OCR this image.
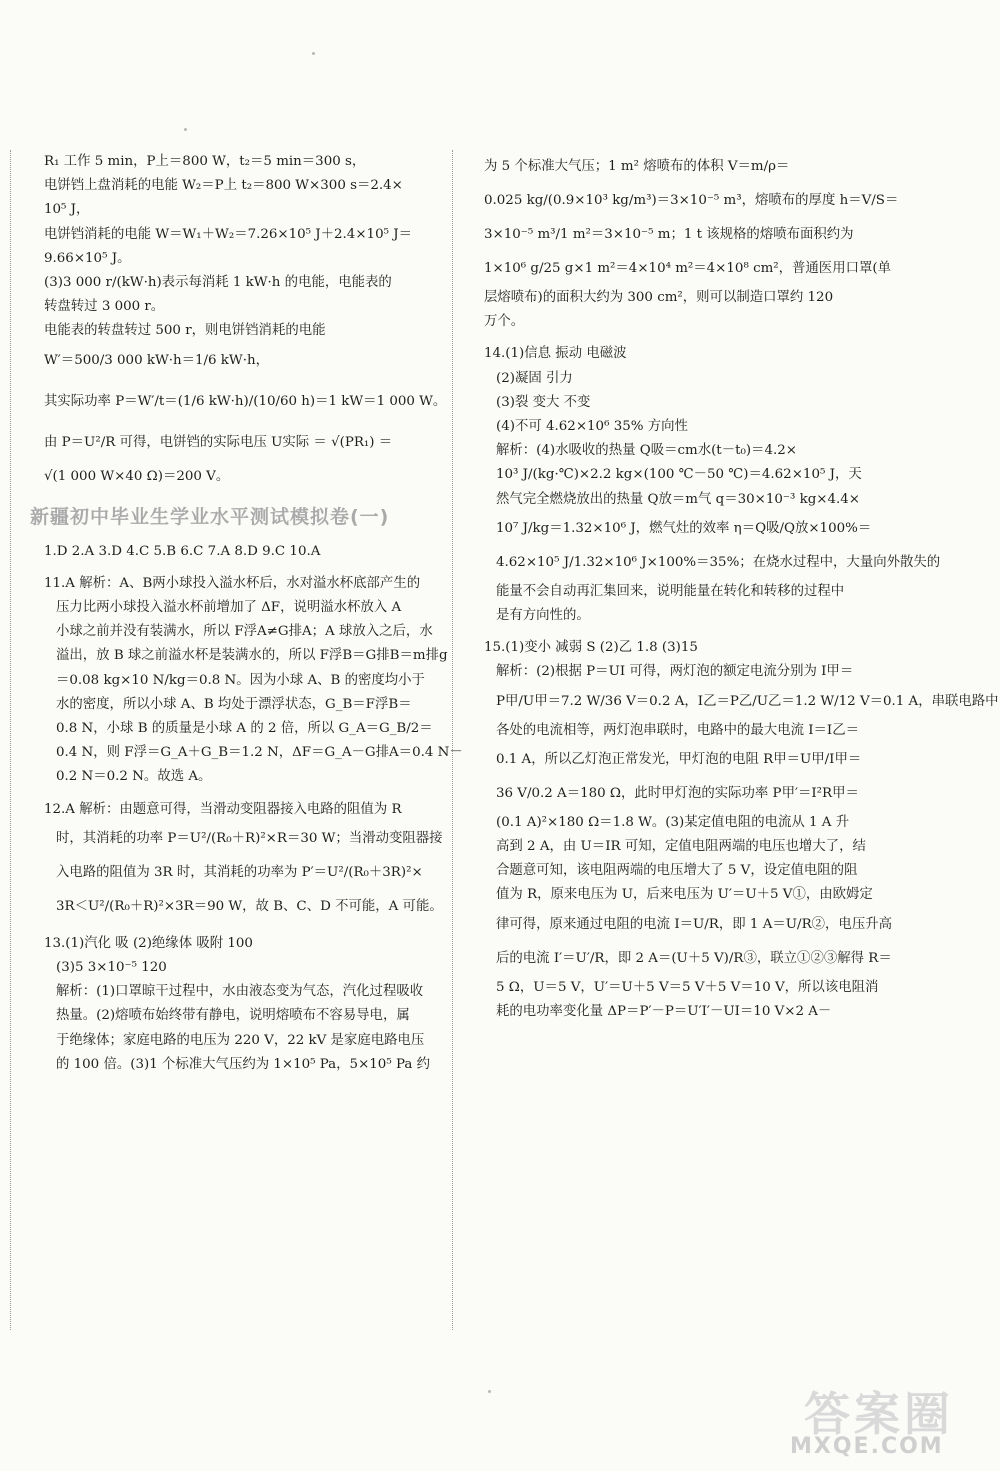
R₁ 工作 5 min，P上＝800 W，t₂＝5 min＝300 s，
电饼铛上盘消耗的电能 W₂＝P上 t₂＝800 W×300 s＝2.4×
10⁵ J，
电饼铛消耗的电能 W＝W₁＋W₂＝7.26×10⁵ J＋2.4×10⁵ J＝
9.66×10⁵ J。
(3)3 000 r/(kW·h)表示每消耗 1 kW·h 的电能，电能表的
转盘转过 3 000 r。
电能表的转盘转过 500 r，则电饼铛消耗的电能
W′＝500/3 000 kW·h＝1/6 kW·h，
其实际功率 P＝W′/t＝(1/6 kW·h)/(10/60 h)＝1 kW＝1 000 W。
由 P＝U²/R 可得，电饼铛的实际电压 U实际 ＝ √(PR₁) ＝
√(1 000 W×40 Ω)＝200 V。
新疆初中毕业生学业水平测试模拟卷(一)
1.D 2.A 3.D 4.C 5.B 6.C 7.A 8.D 9.C 10.A
11.A 解析：A、B两小球投入溢水杯后，水对溢水杯底部产生的
压力比两小球投入溢水杯前增加了 ΔF，说明溢水杯放入 A
小球之前并没有装满水，所以 F浮A≠G排A；A 球放入之后，水
溢出，放 B 球之前溢水杯是装满水的，所以 F浮B＝G排B＝m排g
＝0.08 kg×10 N/kg＝0.8 N。因为小球 A、B 的密度均小于
水的密度，所以小球 A、B 均处于漂浮状态，G_B＝F浮B＝
0.8 N，小球 B 的质量是小球 A 的 2 倍，所以 G_A＝G_B/2＝
0.4 N，则 F浮＝G_A＋G_B＝1.2 N，ΔF＝G_A－G排A＝0.4 N－
0.2 N＝0.2 N。故选 A。
12.A 解析：由题意可得，当滑动变阻器接入电路的阻值为 R
时，其消耗的功率 P＝U²/(R₀＋R)²×R＝30 W；当滑动变阻器接
入电路的阻值为 3R 时，其消耗的功率为 P′＝U²/(R₀＋3R)²×
3R＜U²/(R₀＋R)²×3R＝90 W，故 B、C、D 不可能，A 可能。
13.(1)汽化 吸 (2)绝缘体 吸附 100
(3)5 3×10⁻⁵ 120
解析：(1)口罩晾干过程中，水由液态变为气态，汽化过程吸收
热量。(2)熔喷布始终带有静电，说明熔喷布不容易导电，属
于绝缘体；家庭电路的电压为 220 V，22 kV 是家庭电路电压
的 100 倍。(3)1 个标准大气压约为 1×10⁵ Pa，5×10⁵ Pa 约
为 5 个标准大气压；1 m² 熔喷布的体积 V＝m/ρ＝
0.025 kg/(0.9×10³ kg/m³)＝3×10⁻⁵ m³，熔喷布的厚度 h＝V/S＝
3×10⁻⁵ m³/1 m²＝3×10⁻⁵ m；1 t 该规格的熔喷布面积约为
1×10⁶ g/25 g×1 m²＝4×10⁴ m²＝4×10⁸ cm²，普通医用口罩(单
层熔喷布)的面积大约为 300 cm²，则可以制造口罩约 120
万个。
14.(1)信息 振动 电磁波
(2)凝固 引力
(3)裂 变大 不变
(4)不可 4.62×10⁶ 35% 方向性
解析：(4)水吸收的热量 Q吸＝cm水(t－t₀)＝4.2×
10³ J/(kg·℃)×2.2 kg×(100 ℃－50 ℃)＝4.62×10⁵ J，天
然气完全燃烧放出的热量 Q放＝m气 q＝30×10⁻³ kg×4.4×
10⁷ J/kg＝1.32×10⁶ J，燃气灶的效率 η＝Q吸/Q放×100%＝
4.62×10⁵ J/1.32×10⁶ J×100%＝35%；在烧水过程中，大量向外散失的
能量不会自动再汇集回来，说明能量在转化和转移的过程中
是有方向性的。
15.(1)变小 减弱 S (2)乙 1.8 (3)15
解析：(2)根据 P＝UI 可得，两灯泡的额定电流分别为 I甲＝
P甲/U甲＝7.2 W/36 V＝0.2 A，I乙＝P乙/U乙＝1.2 W/12 V＝0.1 A，串联电路中
各处的电流相等，两灯泡串联时，电路中的最大电流 I＝I乙＝
0.1 A，所以乙灯泡正常发光，甲灯泡的电阻 R甲＝U甲/I甲＝
36 V/0.2 A＝180 Ω，此时甲灯泡的实际功率 P甲′＝I²R甲＝
(0.1 A)²×180 Ω＝1.8 W。(3)某定值电阻的电流从 1 A 升
高到 2 A，由 U＝IR 可知，定值电阻两端的电压也增大了，结
合题意可知，该电阻两端的电压增大了 5 V，设定值电阻的阻
值为 R，原来电压为 U，后来电压为 U′＝U＋5 V①，由欧姆定
律可得，原来通过电阻的电流 I＝U/R，即 1 A＝U/R②，电压升高
后的电流 I′＝U′/R，即 2 A＝(U＋5 V)/R③，联立①②③解得 R＝
5 Ω，U＝5 V，U′＝U＋5 V＝5 V＋5 V＝10 V，所以该电阻消
耗的电功率变化量 ΔP＝P′－P＝U′I′－UI＝10 V×2 A－
答案圈
MXQE.COM
